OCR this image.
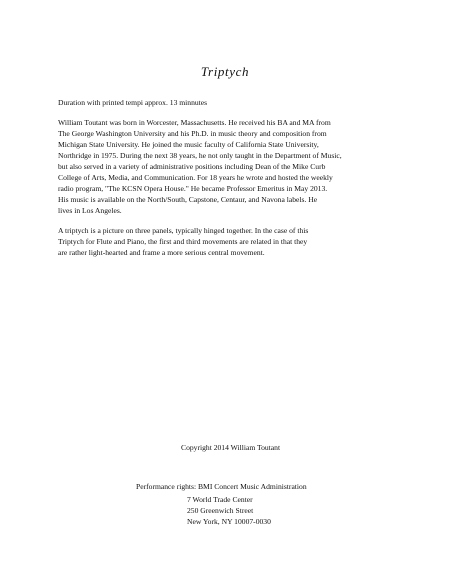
Triptych

Duration with printed tempi approx. 13 minnutes

William Toutant was born in Worcester, Massachusetts. He received his BA and MA from
The George Washington University and his Ph.D. in music theory and composition from
Michigan State University. He joined the music faculty of California State University,
Northridge in 1975. During the next 38 years, he not only taught in the Department of Music,
but also served in a variety of administrative positions including Dean of the Mike Curb
College of Arts, Media, and Communication. For 18 years he wrote and hosted the weekly
radio program, "The KCSN Opera House." He became Professor Emeritus in May 2013.
His music is available on the North/South, Capstone, Centaur, and Navona labels. He
lives in Los Angeles.

A triptych is a picture on three panels, typically hinged together. In the case of this
Triptych for Flute and Piano, the first and third movements are related in that they
are rather light-hearted and frame a more serious central movement.

Copyright 2014 William Toutant
Performance rights: BMI Concert Music Administration
7 World Trade Center
250 Greenwich Street
New York, NY 10007-0030
